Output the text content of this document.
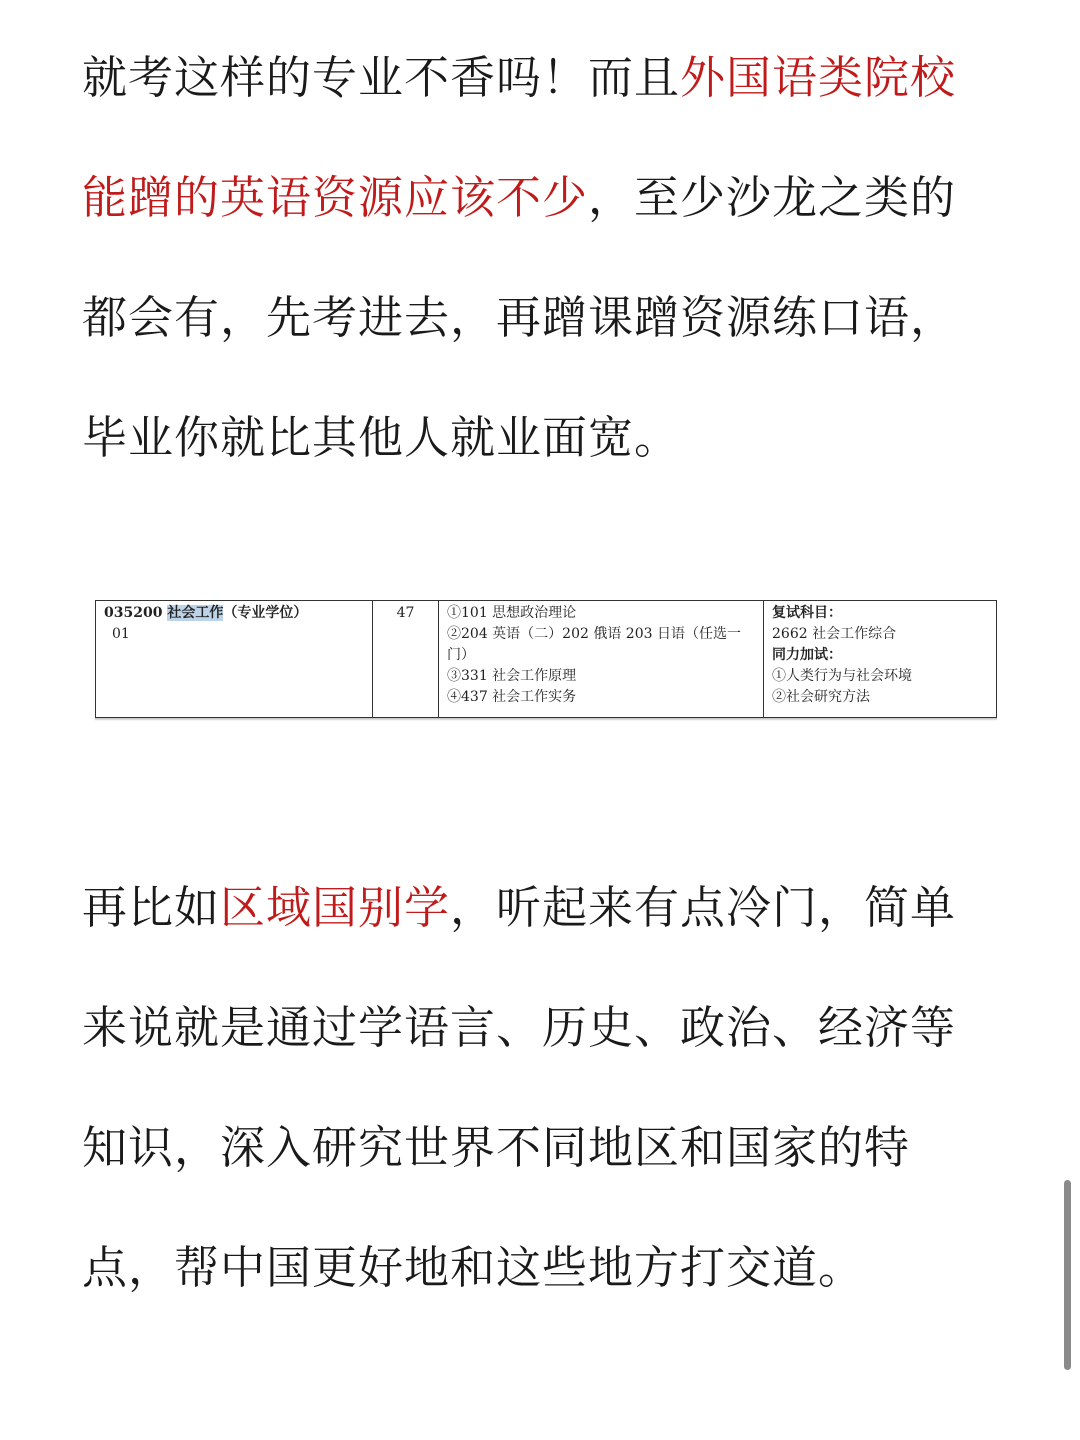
就考这样的专业不香吗！而且外国语类院校
能蹭的英语资源应该不少，至少沙龙之类的
都会有，先考进去，再蹭课蹭资源练口语，
毕业你就比其他人就业面宽。
035200 社会工作（专业学位）
01
47	①101 思想政治理论
②204 英语（二）202 俄语 203 日语（任选一
门）
③331 社会工作原理
④437 社会工作实务
复试科目：
2662 社会工作综合
同力加试：
①人类行为与社会环境
②社会研究方法
再比如区域国别学，听起来有点冷门，简单
来说就是通过学语言、历史、政治、经济等
知识，深入研究世界不同地区和国家的特
点，帮中国更好地和这些地方打交道。
